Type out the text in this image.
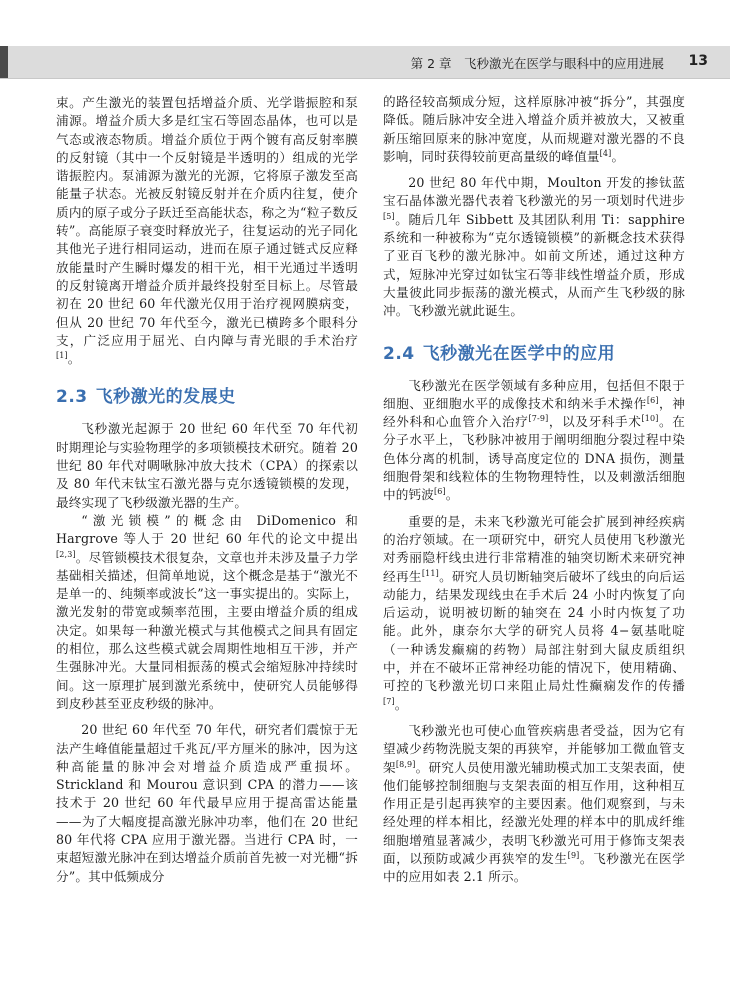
第 2 章　飞秒激光在医学与眼科中的应用进展 13

束。产生激光的装置包括增益介质、光学谐振腔和泵浦源。增益介质大多是红宝石等固态晶体，也可以是气态或液态物质。增益介质位于两个镀有高反射率膜的反射镜（其中一个反射镜是半透明的）组成的光学谐振腔内。泵浦源为激光的光源，它将原子激发至高能量子状态。光被反射镜反射并在介质内往复，使介质内的原子或分子跃迁至高能状态，称之为“粒子数反转”。高能原子衰变时释放光子，往复运动的光子同化其他光子进行相同运动，进而在原子通过链式反应释放能量时产生瞬时爆发的相干光，相干光通过半透明的反射镜离开增益介质并最终投射至目标上。尽管最初在 20 世纪 60 年代激光仅用于治疗视网膜病变，但从 20 世纪 70 年代至今，激光已横跨多个眼科分支，广泛应用于屈光、白内障与青光眼的手术治疗[1]。

2.3 飞秒激光的发展史

飞秒激光起源于 20 世纪 60 年代至 70 年代初时期理论与实验物理学的多项锁模技术研究。随着 20 世纪 80 年代对啁啾脉冲放大技术（CPA）的探索以及 80 年代末钛宝石激光器与克尔透镜锁模的发现，最终实现了飞秒级激光器的生产。

“激光锁模”的概念由 DiDomenico 和 Hargrove 等人于 20 世纪 60 年代的论文中提出[2,3]。尽管锁模技术很复杂，文章也并未涉及量子力学基础相关描述，但简单地说，这个概念是基于“激光不是单一的、纯频率或波长”这一事实提出的。实际上，激光发射的带宽或频率范围，主要由增益介质的组成决定。如果每一种激光模式与其他模式之间具有固定的相位，那么这些模式就会周期性地相互干涉，并产生强脉冲光。大量同相振荡的模式会缩短脉冲持续时间。这一原理扩展到激光系统中，使研究人员能够得到皮秒甚至亚皮秒级的脉冲。

20 世纪 60 年代至 70 年代，研究者们震惊于无法产生峰值能量超过千兆瓦/平方厘米的脉冲，因为这种高能量的脉冲会对增益介质造成严重损坏。Strickland 和 Mourou 意识到 CPA 的潜力——该技术于 20 世纪 60 年代最早应用于提高雷达能量——为了大幅度提高激光脉冲功率，他们在 20 世纪 80 年代将 CPA 应用于激光器。当进行 CPA 时，一束超短激光脉冲在到达增益介质前首先被一对光栅“拆分”。其中低频成分

的路径较高频成分短，这样原脉冲被“拆分”，其强度降低。随后脉冲安全进入增益介质并被放大，又被重新压缩回原来的脉冲宽度，从而规避对激光器的不良影响，同时获得较前更高量级的峰值量[4]。

20 世纪 80 年代中期，Moulton 开发的掺钛蓝宝石晶体激光器代表着飞秒激光的另一项划时代进步[5]。随后几年 Sibbett 及其团队利用 Ti：sapphire 系统和一种被称为“克尔透镜锁模”的新概念技术获得了亚百飞秒的激光脉冲。如前文所述，通过这种方式，短脉冲光穿过如钛宝石等非线性增益介质，形成大量彼此同步振荡的激光模式，从而产生飞秒级的脉冲。飞秒激光就此诞生。

2.4 飞秒激光在医学中的应用

飞秒激光在医学领域有多种应用，包括但不限于细胞、亚细胞水平的成像技术和纳米手术操作[6]，神经外科和心血管介入治疗[7-9]，以及牙科手术[10]。在分子水平上，飞秒脉冲被用于阐明细胞分裂过程中染色体分离的机制，诱导高度定位的 DNA 损伤，测量细胞骨架和线粒体的生物物理特性，以及刺激活细胞中的钙波[6]。

重要的是，未来飞秒激光可能会扩展到神经疾病的治疗领域。在一项研究中，研究人员使用飞秒激光对秀丽隐杆线虫进行非常精准的轴突切断术来研究神经再生[11]。研究人员切断轴突后破坏了线虫的向后运动能力，结果发现线虫在手术后 24 小时内恢复了向后运动，说明被切断的轴突在 24 小时内恢复了功能。此外，康奈尔大学的研究人员将 4−氨基吡啶（一种诱发癫痫的药物）局部注射到大鼠皮质组织中，并在不破坏正常神经功能的情况下，使用精确、可控的飞秒激光切口来阻止局灶性癫痫发作的传播[7]。

飞秒激光也可使心血管疾病患者受益，因为它有望减少药物洗脱支架的再狭窄，并能够加工微血管支架[8,9]。研究人员使用激光辅助模式加工支架表面，使他们能够控制细胞与支架表面的相互作用，这种相互作用正是引起再狭窄的主要因素。他们观察到，与未经处理的样本相比，经激光处理的样本中的肌成纤维细胞增殖显著减少，表明飞秒激光可用于修饰支架表面，以预防或减少再狭窄的发生[9]。飞秒激光在医学中的应用如表 2.1 所示。
